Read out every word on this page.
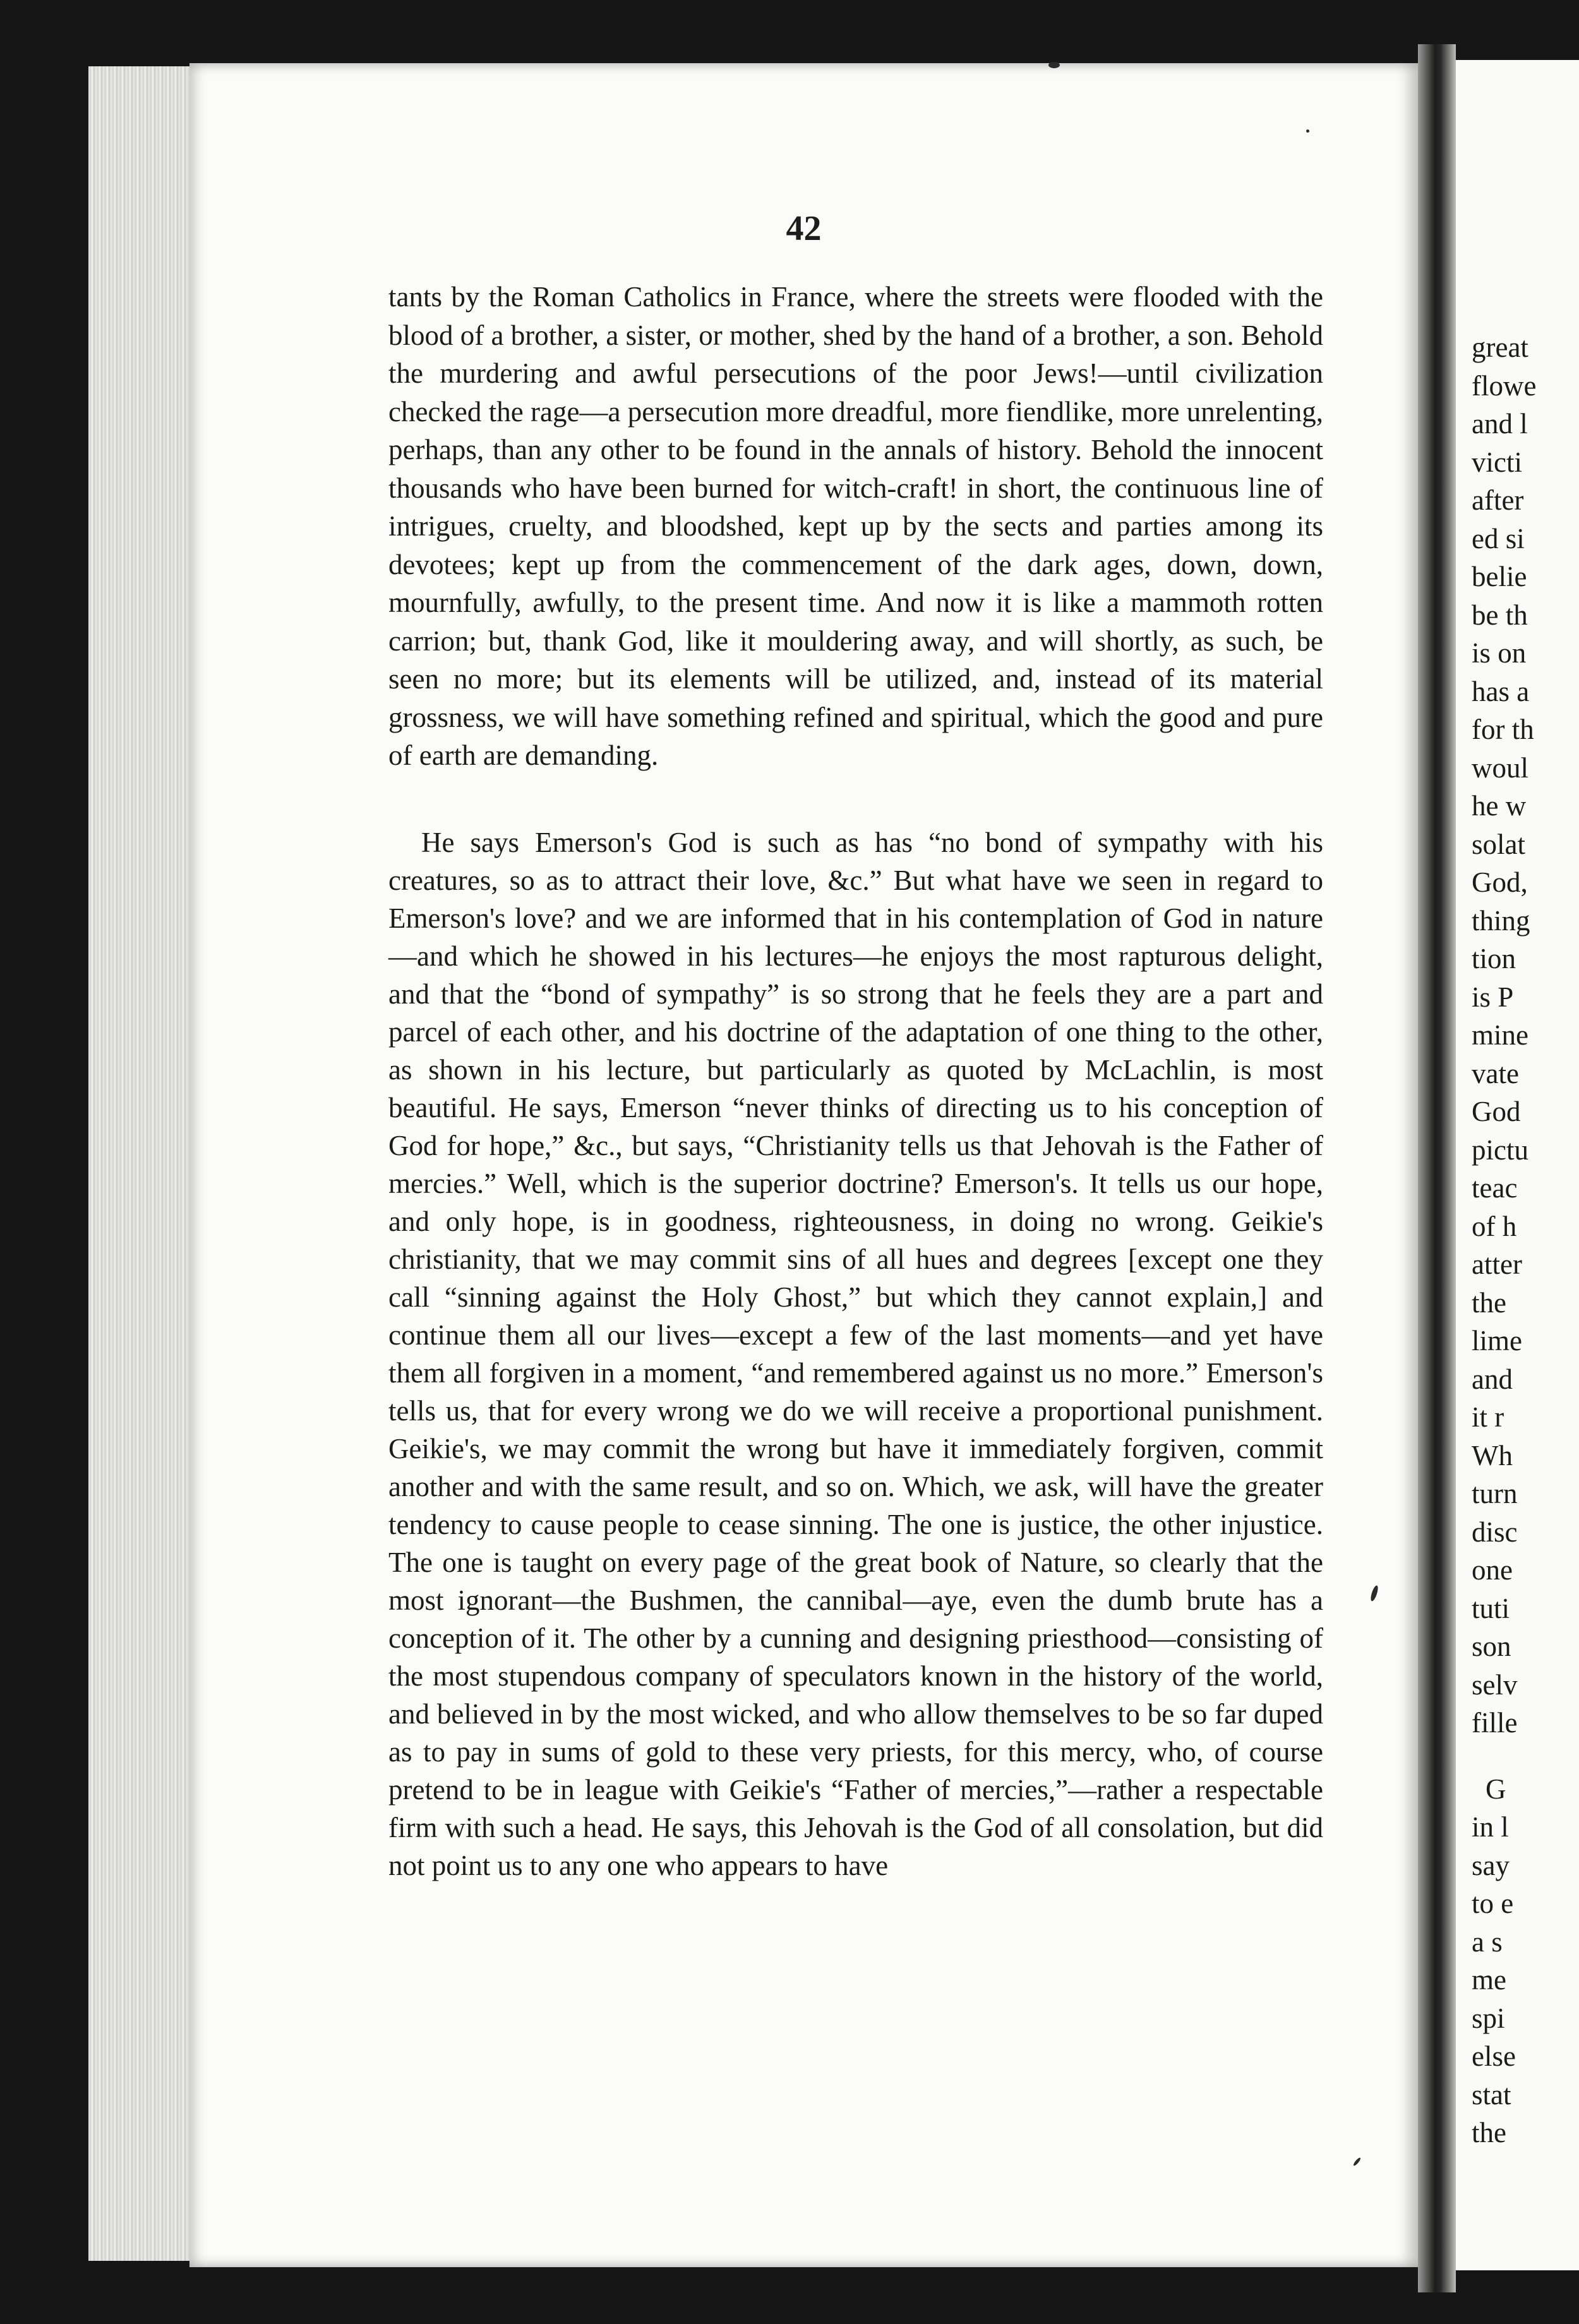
great
flowe
and l
victi
after
ed si
belie
be th
is on
has a
for th
woul
he w
solat
God,
thing
tion
is P
mine
vate
God
pictu
teac
of h
atter
the
lime
and
it r
Wh
turn
disc
one
tuti
son
selv
fille
G
in l
say
to e
a s
me
spi
else
stat
the
42

tants by the Roman Catholics in France, where the streets were flooded with the blood of a brother, a sister, or mother, shed by the hand of a brother, a son. Behold the murdering and awful persecutions of the poor Jews!—until civilization checked the rage—a persecution more dreadful, more fiendlike, more unrelenting, perhaps, than any other to be found in the annals of history. Behold the innocent thousands who have been burned for witch-craft! in short, the continuous line of intrigues, cruelty, and bloodshed, kept up by the sects and parties among its devotees; kept up from the commencement of the dark ages, down, down, mournfully, awfully, to the present time. And now it is like a mammoth rotten carrion; but, thank God, like it mouldering away, and will shortly, as such, be seen no more; but its elements will be utilized, and, instead of its material grossness, we will have something refined and spiritual, which the good and pure of earth are demanding.

He says Emerson's God is such as has “no bond of sympathy with his creatures, so as to attract their love, &c.” But what have we seen in regard to Emerson's love? and we are informed that in his contemplation of God in nature—and which he showed in his lectures—he enjoys the most rapturous delight, and that the “bond of sympathy” is so strong that he feels they are a part and parcel of each other, and his doctrine of the adaptation of one thing to the other, as shown in his lecture, but particularly as quoted by McLachlin, is most beautiful. He says, Emerson “never thinks of directing us to his conception of God for hope,” &c., but says, “Christianity tells us that Jehovah is the Father of mercies.” Well, which is the superior doctrine? Emerson's. It tells us our hope, and only hope, is in goodness, righteousness, in doing no wrong. Geikie's christianity, that we may commit sins of all hues and degrees [except one they call “sinning against the Holy Ghost,” but which they cannot explain,] and continue them all our lives—except a few of the last moments—and yet have them all forgiven in a moment, “and remembered against us no more.” Emerson's tells us, that for every wrong we do we will receive a proportional punishment. Geikie's, we may commit the wrong but have it immediately forgiven, commit another and with the same result, and so on. Which, we ask, will have the greater tendency to cause people to cease sinning. The one is justice, the other injustice. The one is taught on every page of the great book of Nature, so clearly that the most ignorant—the Bushmen, the cannibal—aye, even the dumb brute has a conception of it. The other by a cunning and designing priesthood—consisting of the most stupendous company of speculators known in the history of the world, and believed in by the most wicked, and who allow themselves to be so far duped as to pay in sums of gold to these very priests, for this mercy, who, of course pretend to be in league with Geikie's “Father of mercies,”—rather a respectable firm with such a head. He says, this Jehovah is the God of all consolation, but did not point us to any one who appears to have
